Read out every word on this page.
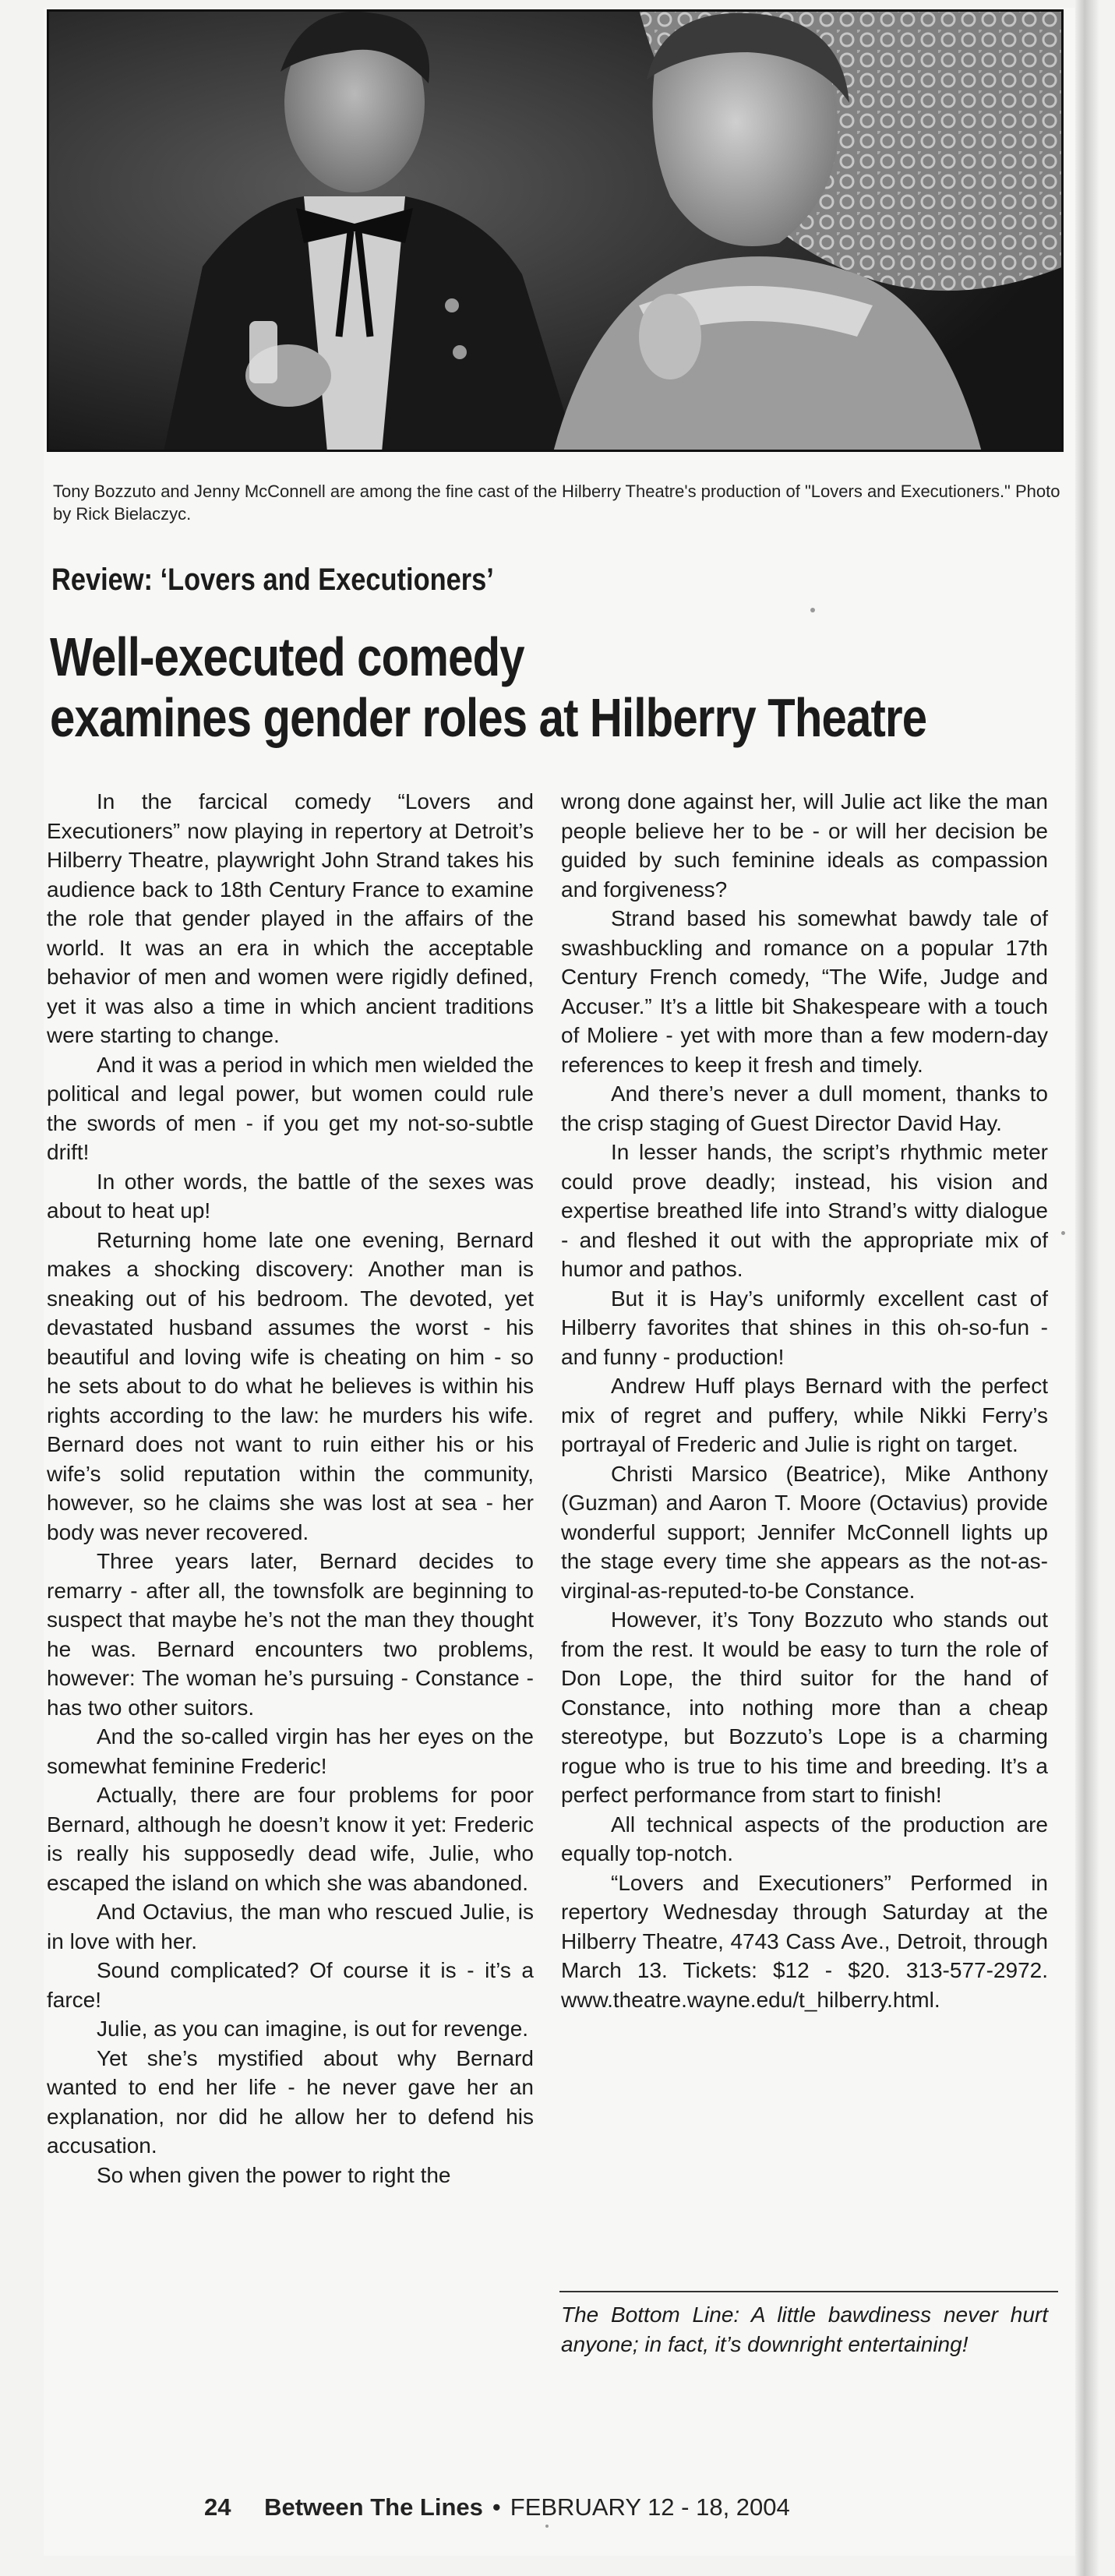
Tony Bozzuto and Jenny McConnell are among the fine cast of the Hilberry Theatre's production of "Lovers and Executioners." Photo by Rick Bielaczyc.
Review: ‘Lovers and Executioners’
Well-executed comedy
examines gender roles at Hilberry Theatre

In the farcical comedy “Lovers and Executioners” now playing in repertory at Detroit’s Hilberry Theatre, playwright John Strand takes his audience back to 18th Century France to examine the role that gender played in the affairs of the world. It was an era in which the acceptable behavior of men and women were rigidly defined, yet it was also a time in which ancient traditions were starting to change.

And it was a period in which men wielded the political and legal power, but women could rule the swords of men - if you get my not-so-subtle drift!

In other words, the battle of the sexes was about to heat up!

Returning home late one evening, Bernard makes a shocking discovery: Another man is sneaking out of his bedroom. The devoted, yet devastated husband assumes the worst - his beautiful and loving wife is cheating on him - so he sets about to do what he believes is within his rights according to the law: he murders his wife. Bernard does not want to ruin either his or his wife’s solid reputation within the community, however, so he claims she was lost at sea - her body was never recovered.

Three years later, Bernard decides to remarry - after all, the townsfolk are beginning to suspect that maybe he’s not the man they thought he was. Bernard encounters two problems, however: The woman he’s pursuing - Constance - has two other suitors.

And the so-called virgin has her eyes on the somewhat feminine Frederic!

Actually, there are four problems for poor Bernard, although he doesn’t know it yet: Frederic is really his supposedly dead wife, Julie, who escaped the island on which she was abandoned.

And Octavius, the man who rescued Julie, is in love with her.

Sound complicated? Of course it is - it’s a farce!

Julie, as you can imagine, is out for revenge.

Yet she’s mystified about why Bernard wanted to end her life - he never gave her an explanation, nor did he allow her to defend his accusation.

So when given the power to right the

wrong done against her, will Julie act like the man people believe her to be - or will her decision be guided by such feminine ideals as compassion and forgiveness?

Strand based his somewhat bawdy tale of swashbuckling and romance on a popular 17th Century French comedy, “The Wife, Judge and Accuser.” It’s a little bit Shakespeare with a touch of Moliere - yet with more than a few modern-day references to keep it fresh and timely.

And there’s never a dull moment, thanks to the crisp staging of Guest Director David Hay.

In lesser hands, the script’s rhythmic meter could prove deadly; instead, his vision and expertise breathed life into Strand’s witty dialogue - and fleshed it out with the appropriate mix of humor and pathos.

But it is Hay’s uniformly excellent cast of Hilberry favorites that shines in this oh-so-fun - and funny - production!

Andrew Huff plays Bernard with the perfect mix of regret and puffery, while Nikki Ferry’s portrayal of Frederic and Julie is right on target.

Christi Marsico (Beatrice), Mike Anthony (Guzman) and Aaron T. Moore (Octavius) provide wonderful support; Jennifer McConnell lights up the stage every time she appears as the not-as-virginal-as-reputed-to-be Constance.

However, it’s Tony Bozzuto who stands out from the rest. It would be easy to turn the role of Don Lope, the third suitor for the hand of Constance, into nothing more than a cheap stereotype, but Bozzuto’s Lope is a charming rogue who is true to his time and breeding. It’s a perfect performance from start to finish!

All technical aspects of the production are equally top-notch.

“Lovers and Executioners” Performed in repertory Wednesday through Saturday at the Hilberry Theatre, 4743 Cass Ave., Detroit, through March 13. Tickets: $12 - $20. 313-577-2972. www.theatre.wayne.edu/t_hilberry.html.

The Bottom Line: A little bawdiness never hurt anyone; in fact, it’s downright entertaining!
24 Between The Lines • FEBRUARY 12 - 18, 2004
